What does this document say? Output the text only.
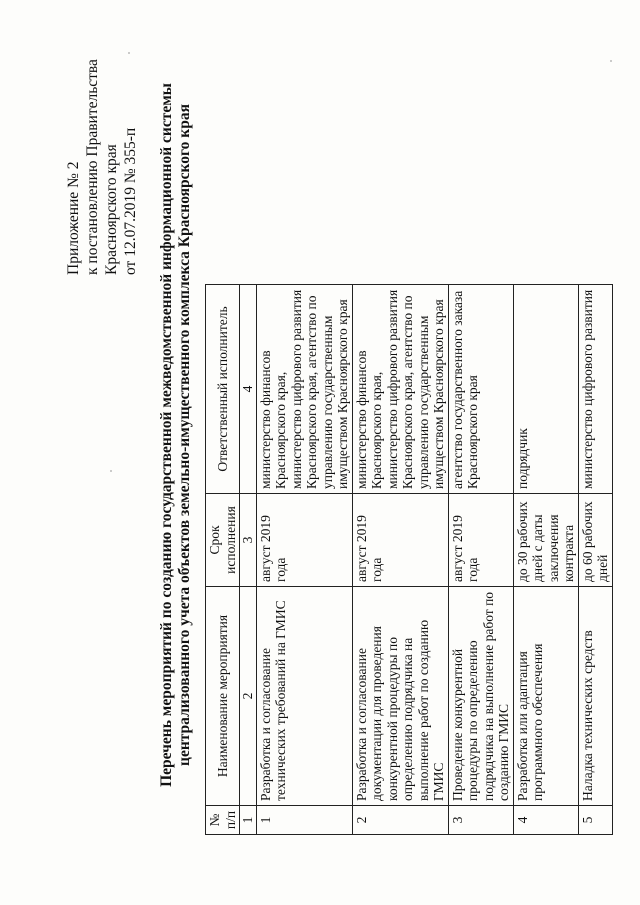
Приложение № 2 к постановлению Правительства Красноярского края от 12.07.2019 № 355-п Перечень мероприятий по созданию государственной межведомственной информационной системы централизованного учета объектов земельно-имущественного комплекса Красноярского края
№ п/п	Наименование мероприятия	Срок исполнения	Ответственный исполнитель
1	2	3	4
1	Разработка и согласование технических требований на ГМИС	август 2019 года	министерство финансов Красноярского края, министерство цифрового развития Красноярского края, агентство по управлению государственным имуществом Красноярского края
2	Разработка и согласование документации для проведения конкурентной процедуры по определению подрядчика на выполнение работ по созданию ГМИС	август 2019 года	министерство финансов Красноярского края, министерство цифрового развития Красноярского края, агентство по управлению государственным имуществом Красноярского края
3	Проведение конкурентной процедуры по определению подрядчика на выполнение работ по созданию ГМИС	август 2019 года	агентство государственного заказа Красноярского края
4	Разработка или адаптация программного обеспечения	до 30 рабочих дней с даты заключения контракта	подрядчик
5	Наладка технических средств	до 60 рабочих дней	министерство цифрового развития
